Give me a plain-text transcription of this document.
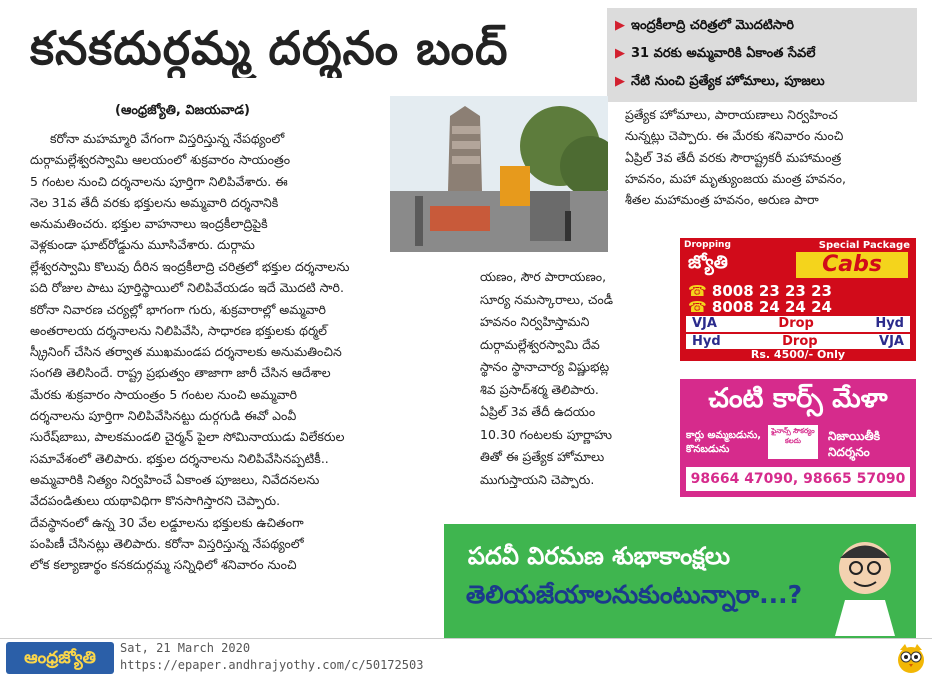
కనకదుర్గమ్మ దర్శనం బంద్	▶ ఇంద్రకీలాద్రి చరిత్రలో మొదటిసారి
▶ 31 వరకు అమ్మవారికి ఏకాంత సేవలే
▶ నేటి నుంచి ప్రత్యేక హోమాలు, పూజలు
(ఆంధ్రజ్యోతి, విజయవాడ)

కరోనా మహమ్మారి వేగంగా విస్తరిస్తున్న నేపథ్యంలో

దుర్గామల్లేశ్వరస్వామి ఆలయంలో శుక్రవారం సాయంత్రం

5 గంటల నుంచి దర్శనాలను పూర్తిగా నిలిపివేశారు. ఈ

నెల 31వ తేదీ వరకు భక్తులను అమ్మవారి దర్శనానికి

అనుమతించరు. భక్తుల వాహనాలు ఇంద్రకీలాద్రిపైకి

వెళ్లకుండా ఘాట్‌రోడ్డును మూసివేశారు. దుర్గామ

ల్లేశ్వరస్వామి కొలువు దీరిన ఇంద్రకీలాద్రి చరిత్రలో భక్తుల దర్శనాలను

పది రోజుల పాటు పూర్తిస్థాయిలో నిలిపివేయడం ఇదే మొదటి సారి.

కరోనా నివారణ చర్యల్లో భాగంగా గురు, శుక్రవారాల్లో అమ్మవారి

అంతరాలయ దర్శనాలను నిలిపివేసి, సాధారణ భక్తులకు థర్మల్

స్క్రీనింగ్ చేసిన తర్వాత ముఖమండప దర్శనాలకు అనుమతించిన

సంగతి తెలిసిందే. రాష్ట్ర ప్రభుత్వం తాజాగా జారీ చేసిన ఆదేశాల

మేరకు శుక్రవారం సాయంత్రం 5 గంటల నుంచి అమ్మవారి

దర్శనాలను పూర్తిగా నిలిపివేసినట్టు దుర్గగుడి ఈవో ఎంవీ

సురేష్‌బాబు, పాలకమండలి చైర్మన్ పైలా సోమినాయుడు విలేకరుల

సమావేశంలో తెలిపారు. భక్తుల దర్శనాలను నిలిపివేసినప్పటికీ..

అమ్మవారికి నిత్యం నిర్వహించే ఏకాంత పూజలు, నివేదనలను

వేదపండితులు యథావిధిగా కొనసాగిస్తారని చెప్పారు.

దేవస్థానంలో ఉన్న 30 వేల లడ్డూలను భక్తులకు ఉచితంగా

పంపిణీ చేసినట్లు తెలిపారు. కరోనా విస్తరిస్తున్న నేపథ్యంలో

లోక కల్యాణార్థం కనకదుర్గమ్మ సన్నిధిలో శనివారం నుంచి

ప్రత్యేక హోమాలు, పారాయణాలు నిర్వహించ

నున్నట్లు చెప్పారు. ఈ మేరకు శనివారం నుంచి

ఏప్రిల్ 3వ తేదీ వరకు సౌరాష్ట్రకరీ మహామంత్ర

హవనం, మహా మృత్యుంజయ మంత్ర హవనం,

శీతల మహామంత్ర హవనం, అరుణ పారా

యణం, సౌర పారాయణం,

సూర్య నమస్కారాలు, చండీ

హవనం నిర్వహిస్తామని

దుర్గామల్లేశ్వరస్వామి దేవ

స్థానం స్థానాచార్య విష్ణుభట్ల

శివ ప్రసాద్‌శర్మ తెలిపారు.

ఏప్రిల్ 3వ తేదీ ఉదయం

10.30 గంటలకు పూర్ణాహు

తితో ఈ ప్రత్యేక హోమాలు

ముగుస్తాయని చెప్పారు.

Dropping	Special Package
జ్యోతి	Cabs
☎ 8008 23 23 23
☎ 8008 24 24 24
VJA	Drop	Hyd
Hyd	Drop	VJA
Rs. 4500/- Only
చంటి కార్స్ మేళా
కార్లు అమ్మబడును,
కొనబడును
ఫైనాన్స్ సౌకర్యం కలదు	నిజాయితీకి
నిదర్శనం
98664 47090, 98665 57090
పదవీ విరమణ శుభాకాంక్షలు
తెలియజేయాలనుకుంటున్నారా...?
ఆంధ్రజ్యోతి	Sat, 21 March 2020
https://epaper.andhrajyothy.com/c/50172503
